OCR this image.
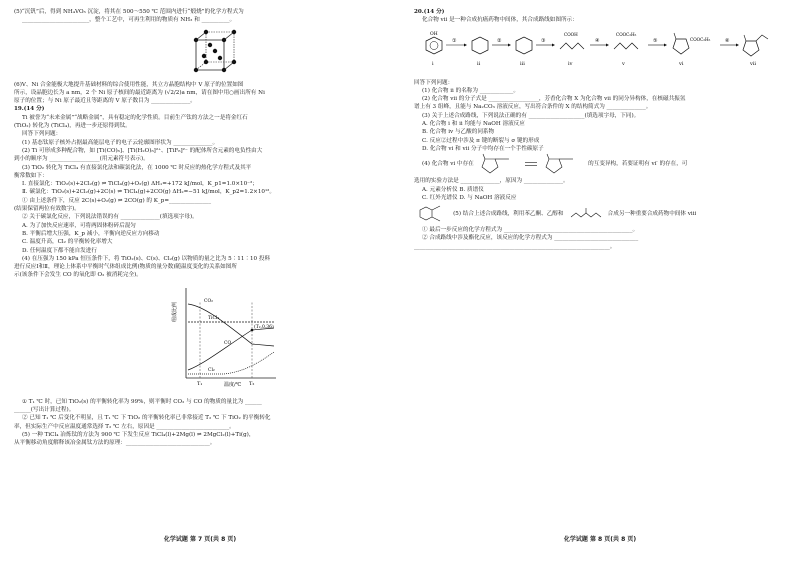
(5)“沉钒”后，得到 NH₄VO₃ 沉淀，将其在 500～550 ℃ 范围内进行“煅烧”的化学方程式为
________________________，整个工艺中，可再生利用的物质有 NH₃ 和 __________。
(6)V、Ni 合金能极大地提升基础材料的综合使用性能，其立方晶胞结构中 V 原子的位置如图
所示，设晶胞边长为 a nm，2 个 Ni 原子核间的最近距离为 (√2/2)a nm，请在图中用○画出所有 Ni
原子的位置；与 Ni 原子最近且等距离的 V 原子数目为 ______________。
19.(14 分)
Ti 被誉为“未来金属”“战略金属”，具有稳定的化学性质。目前生产钛的方法之一是将金红石
(TiO₂) 转化为 (TiCl₄)，再进一步还原得到钛。
回答下列问题：
(1) 基态钛原子核外占据最高能层电子的电子云轮廓图形状为 ______________。
(2) Ti 可形成多种配合物，如 [Ti(CO)₆]、[Ti(H₂O)₆]²⁺、[TiF₆]²⁻ 的配体所含元素的电负性由大
到小的顺序为 __________________(用元素符号表示)。
(3) TiO₂ 转化为 TiCl₄ 有直接氯化法和碳氯化法，在 1000 ℃ 时反应的热化学方程式及其平
衡常数如下：
Ⅰ. 直接氯化：TiO₂(s)+2Cl₂(g) ⇌ TiCl₄(g)+O₂(g) ΔH₁=+172 kJ/mol，K_p1=1.0×10⁻²；
Ⅱ. 碳氯化：TiO₂(s)+2Cl₂(g)+2C(s) ⇌ TiCl₄(g)+2CO(g) ΔH₂=−51 kJ/mol，K_p2=1.2×10¹²。
① 由上述条件下，反应 2C(s)+O₂(g) ⇌ 2CO(g) 的 K_p=_______________
(结果保留两位有效数字)。
② 关于碳氯化反应，下列说法错误的有 ______________(填选项字母)。
A. 为了加快反应速率，可将两固体粉碎后混匀
B. 平衡后增大压强，K_p 减小，平衡向逆反应方向移动
C. 温度升高，Cl₂ 的平衡转化率增大
D. 任何温度下都不能自发进行
(4) 在压强为 150 kPa 恒压条件下，将 TiO₂(s)、C(s)、Cl₂(g) 以物质的量之比为 5∶11∶10 投料
进行反应Ⅰ和Ⅱ，理论上体系中平衡时气体组成比例(物质的量分数)随温度变化的关系如图所
示(该条件下会发生 CO 的氧化即 O₂ 被消耗完全)。
组成比例
温度/℃
T₁	T₂
(T₂,0.36)
CO₂
TiCl₄
CO
Cl₂
① T₁ ℃ 时，已知 TiO₂(s) 的平衡转化率为 99%，则平衡时 CO₂ 与 CO 的物质的量比为 ______
______(写出计算过程)。
② 已知 T₁ ℃ 后变化不明显，且 T₁ ℃ 下 TiO₂ 的平衡转化率已非常接近 T₂ ℃ 下 TiO₂ 的平衡转化
率，但实际生产中反应温度通常选择 T₂ ℃ 左右，原因是 __________________________。
(5) 一种 TiCl₄ 冶炼钛的方法为 900 ℃ 下发生反应 TiCl₄(l)+2Mg(l) ⇌ 2MgCl₂(l)+Ti(g)，
从平衡移动角度解释该冶金属钛方法的原理：______________________________。
化学试题 第 7 页(共 8 页)
20.(14 分)
化合物 vii 是一种合成抗癌药物中间体，其合成路线如图所示：
OH
i
①
ii
②
iii
③
COOH
iv
④
COOC₂H₅
v
⑤	COOC₂H₅
vi
⑥
vii
回答下列问题：
(1) 化合物 ii 的名称为 ____________。
(2) 化合物 vii 的分子式是 __________________，芳香化合物 X 为化合物 vii 的同分异构体，在核磁共振氢
谱上有 3 组峰，且能与 Na₂CO₃ 溶液反应，写出符合条件的 X 的结构简式为 ______________。
(3) 关于上述合成路线，下列说法正确的有 ____________________(填选项字母，下同)。
A. 化合物 i 和 ii 均能与 NaOH 溶液反应
B. 化合物 iv 与乙酸的同系物
C. 反应②过程中涉及 π 键的断裂与 σ 键的形成
D. 化合物 vi 和 vii 分子中均存在一个手性碳原子
(4) 化合物 vi 中存在	的互变异构，若要证明有 vi′ 的存在，可
选用的实验方法是 ______________，原因为 ______________。
A. 元素分析仪 B. 质谱仪
C. 红外光谱仪 D. 与 NaOH 溶液反应
(5) 结合上述合成路线，利用苯乙酮、乙醇和	合成另一种重要合成药物中间体 viii
① 最后一步反应的化学方程式为 ______________________________________________。
② 合成路线中涉及酯化反应，该反应的化学方程式为 ______________________________
______________________________________________________________________。
化学试题 第 8 页(共 8 页)
